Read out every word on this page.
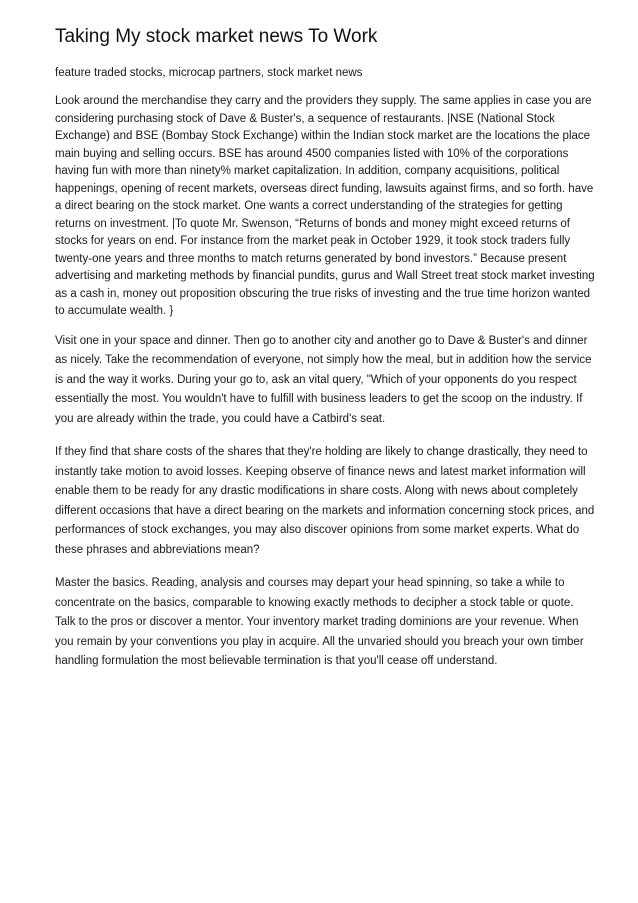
Taking My stock market news To Work

feature traded stocks, microcap partners, stock market news

Look around the merchandise they carry and the providers they supply. The same applies in case you are considering purchasing stock of Dave & Buster's, a sequence of restaurants. |NSE (National Stock Exchange) and BSE (Bombay Stock Exchange) within the Indian stock market are the locations the place main buying and selling occurs. BSE has around 4500 companies listed with 10% of the corporations having fun with more than ninety% market capitalization. In addition, company acquisitions, political happenings, opening of recent markets, overseas direct funding, lawsuits against firms, and so forth. have a direct bearing on the stock market. One wants a correct understanding of the strategies for getting returns on investment. |To quote Mr. Swenson, “Returns of bonds and money might exceed returns of stocks for years on end. For instance from the market peak in October 1929, it took stock traders fully twenty-one years and three months to match returns generated by bond investors.” Because present advertising and marketing methods by financial pundits, gurus and Wall Street treat stock market investing as a cash in, money out proposition obscuring the true risks of investing and the true time horizon wanted to accumulate wealth. }

Visit one in your space and dinner. Then go to another city and another go to Dave & Buster's and dinner as nicely. Take the recommendation of everyone, not simply how the meal, but in addition how the service is and the way it works. During your go to, ask an vital query, "Which of your opponents do you respect essentially the most. You wouldn't have to fulfill with business leaders to get the scoop on the industry. If you are already within the trade, you could have a Catbird's seat.

If they find that share costs of the shares that they're holding are likely to change drastically, they need to instantly take motion to avoid losses. Keeping observe of finance news and latest market information will enable them to be ready for any drastic modifications in share costs. Along with news about completely different occasions that have a direct bearing on the markets and information concerning stock prices, and performances of stock exchanges, you may also discover opinions from some market experts. What do these phrases and abbreviations mean?

Master the basics. Reading, analysis and courses may depart your head spinning, so take a while to concentrate on the basics, comparable to knowing exactly methods to decipher a stock table or quote. Talk to the pros or discover a mentor. Your inventory market trading dominions are your revenue. When you remain by your conventions you play in acquire. All the unvaried should you breach your own timber handling formulation the most believable termination is that you'll cease off understand.
